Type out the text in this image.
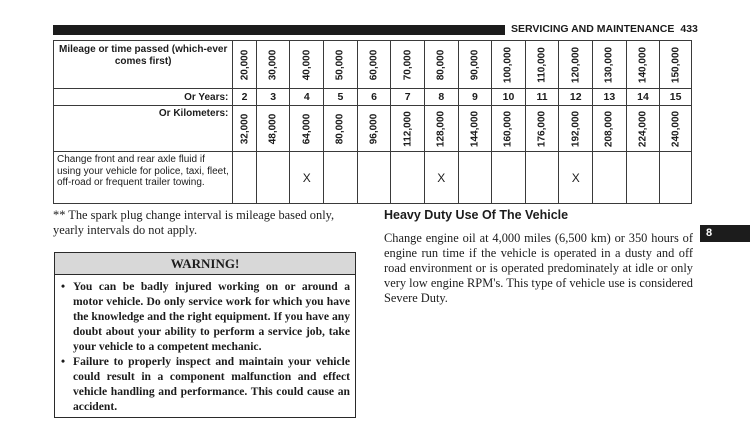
SERVICING AND MAINTENANCE 433
8
Mileage or time passed (which-ever comes first)	20,000	30,000	40,000	50,000	60,000	70,000	80,000	90,000	100,000	110,000	120,000	130,000	140,000	150,000

Or Years:	2	3	4	5	6	7	8	9	10	11	12	13	14	15
Or Kilometers:	32,000	48,000	64,000	80,000	96,000	112,000	128,000	144,000	160,000	176,000	192,000	208,000	224,000	240,000

Change front and rear axle fluid if using your vehicle for police, taxi, fleet, off-road or frequent trailer towing.			X				X				X			
** The spark plug change interval is mileage based only, yearly intervals do not apply.
WARNING!
• You can be badly injured working on or around a motor vehicle. Do only service work for which you have the knowledge and the right equipment. If you have any doubt about your ability to perform a service job, take your vehicle to a competent mechanic.
• Failure to properly inspect and maintain your vehicle could result in a component malfunction and effect vehicle handling and performance. This could cause an accident.
Heavy Duty Use Of The Vehicle
Change engine oil at 4,000 miles (6,500 km) or 350 hours of engine run time if the vehicle is operated in a dusty and off road environment or is operated predominately at idle or only very low engine RPM's. This type of vehicle use is considered Severe Duty.
